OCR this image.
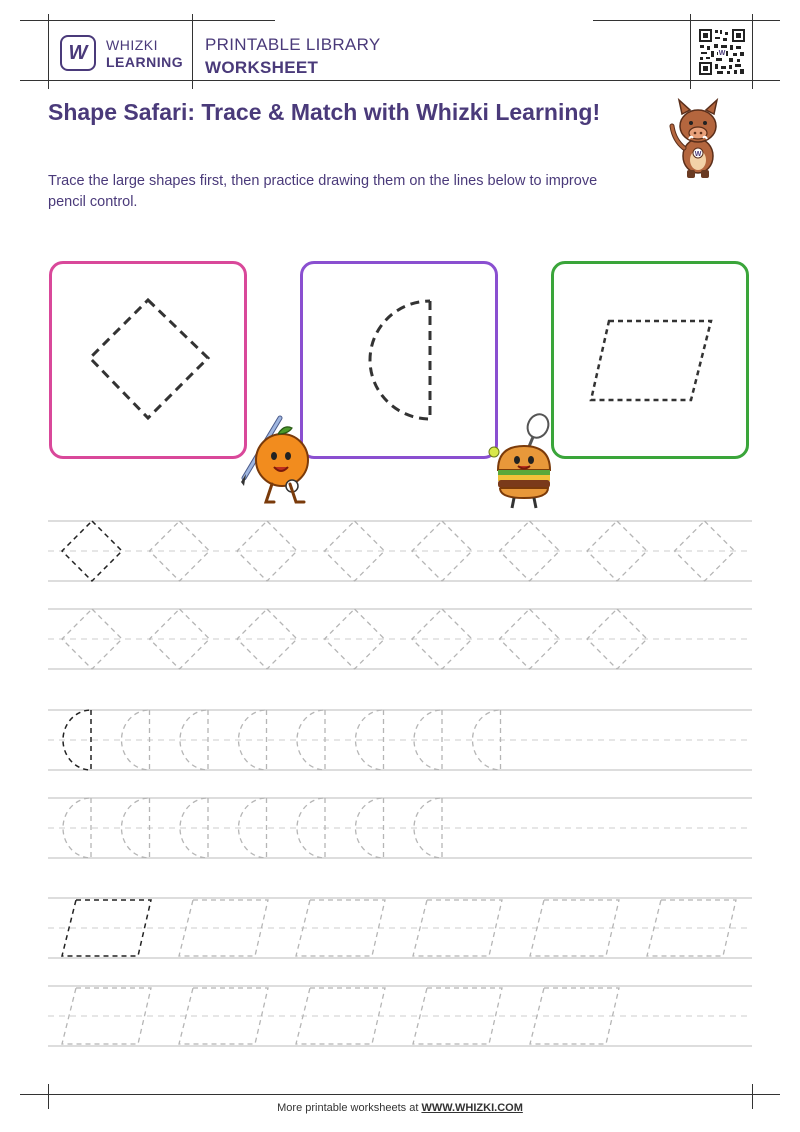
W WHIZKI
LEARNING
PRINTABLE LIBRARY
WORKSHEET
W
Shape Safari: Trace & Match with Whizki Learning!
Trace the large shapes first, then practice drawing them on the lines below to improve pencil control.
W
More printable worksheets at WWW.WHIZKI.COM
